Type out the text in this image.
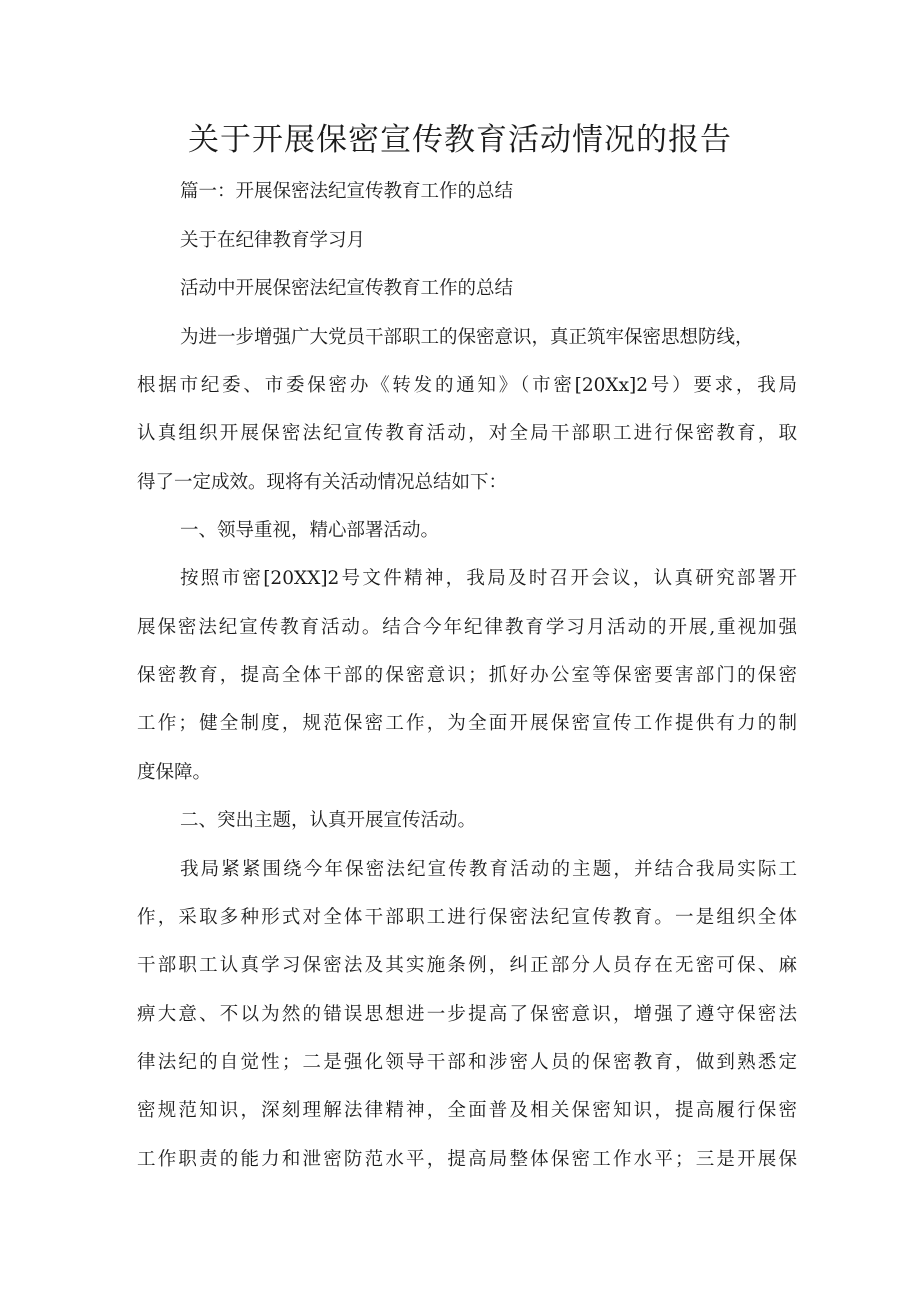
关于开展保密宣传教育活动情况的报告

篇一：开展保密法纪宣传教育工作的总结

关于在纪律教育学习月

活动中开展保密法纪宣传教育工作的总结

为进一步增强广大党员干部职工的保密意识，真正筑牢保密思想防线，

根据市纪委、市委保密办《转发的通知》（市密[20Xx]2号）要求，我局

认真组织开展保密法纪宣传教育活动，对全局干部职工进行保密教育，取

得了一定成效。现将有关活动情况总结如下：

一、领导重视，精心部署活动。

按照市密[20XX]2号文件精神，我局及时召开会议，认真研究部署开

展保密法纪宣传教育活动。结合今年纪律教育学习月活动的开展,重视加强

保密教育，提高全体干部的保密意识；抓好办公室等保密要害部门的保密

工作；健全制度，规范保密工作，为全面开展保密宣传工作提供有力的制

度保障。

二、突出主题，认真开展宣传活动。

我局紧紧围绕今年保密法纪宣传教育活动的主题，并结合我局实际工

作，采取多种形式对全体干部职工进行保密法纪宣传教育。一是组织全体

干部职工认真学习保密法及其实施条例，纠正部分人员存在无密可保、麻

痹大意、不以为然的错误思想进一步提高了保密意识，增强了遵守保密法

律法纪的自觉性；二是强化领导干部和涉密人员的保密教育，做到熟悉定

密规范知识，深刻理解法律精神，全面普及相关保密知识，提高履行保密

工作职责的能力和泄密防范水平，提高局整体保密工作水平；三是开展保
